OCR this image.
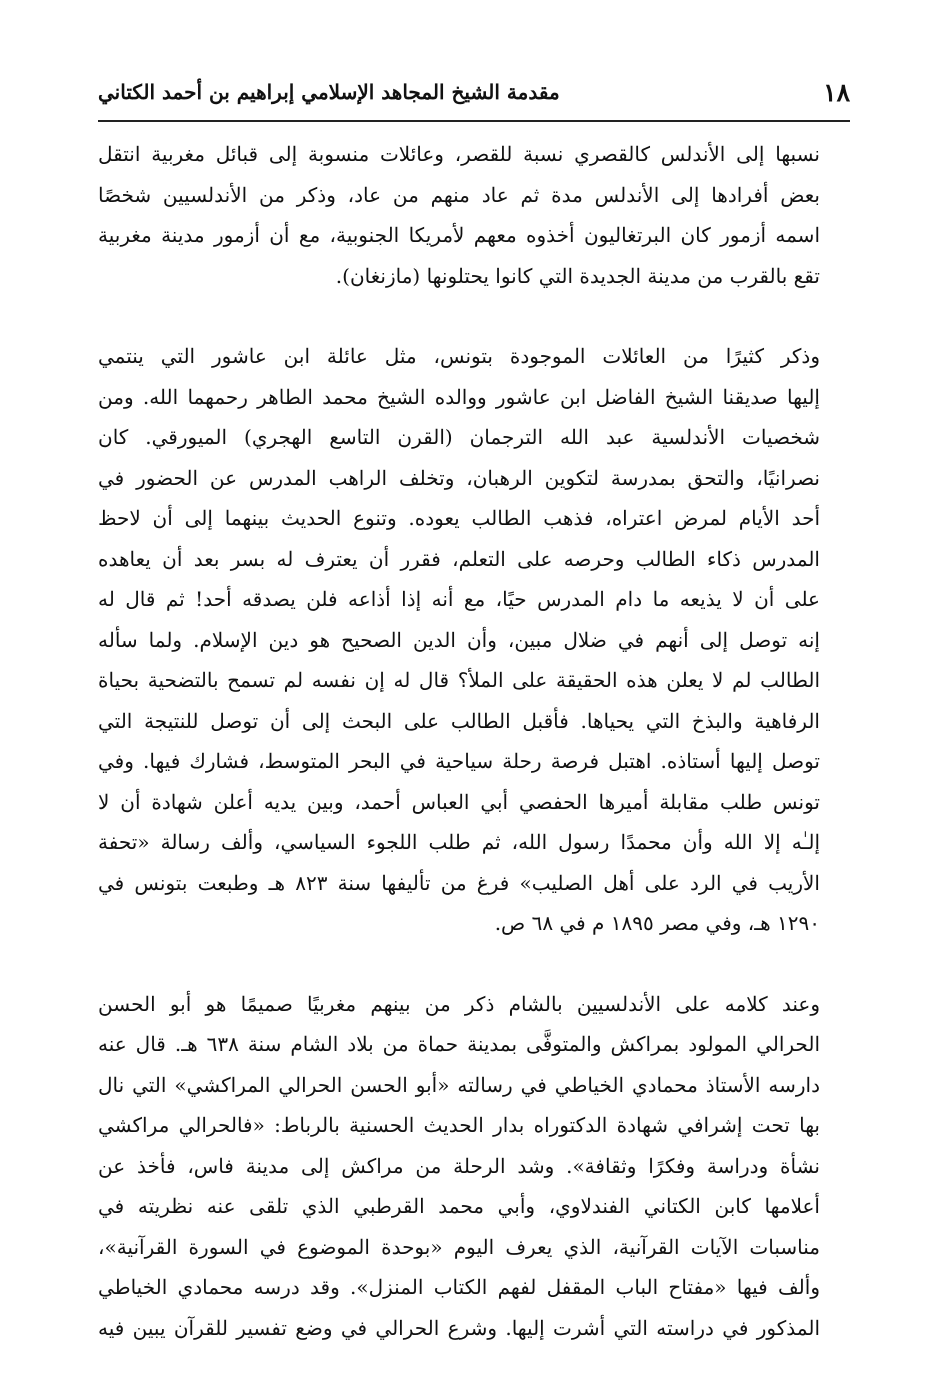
١٨
مقدمة الشيخ المجاهد الإسلامي إبراهيم بن أحمد الكتاني

نسبها إلى الأندلس كالقصري نسبة للقصر، وعائلات منسوبة إلى قبائل مغربية انتقل
بعض أفرادها إلى الأندلس مدة ثم عاد منهم من عاد، وذكر من الأندلسيين شخصًا
اسمه أزمور كان البرتغاليون أخذوه معهم لأمريكا الجنوبية، مع أن أزمور مدينة مغربية
تقع بالقرب من مدينة الجديدة التي كانوا يحتلونها (مازنغان).

وذكر كثيرًا من العائلات الموجودة بتونس، مثل عائلة ابن عاشور التي ينتمي
إليها صديقنا الشيخ الفاضل ابن عاشور ووالده الشيخ محمد الطاهر رحمهما الله. ومن
شخصيات الأندلسية عبد الله الترجمان (القرن التاسع الهجري) الميورقي. كان
نصرانيًا، والتحق بمدرسة لتكوين الرهبان، وتخلف الراهب المدرس عن الحضور في
أحد الأيام لمرض اعتراه، فذهب الطالب يعوده. وتنوع الحديث بينهما إلى أن لاحظ
المدرس ذكاء الطالب وحرصه على التعلم، فقرر أن يعترف له بسر بعد أن يعاهده
على أن لا يذيعه ما دام المدرس حيًا، مع أنه إذا أذاعه فلن يصدقه أحد! ثم قال له
إنه توصل إلى أنهم في ضلال مبين، وأن الدين الصحيح هو دين الإسلام. ولما سأله
الطالب لم لا يعلن هذه الحقيقة على الملأ؟ قال له إن نفسه لم تسمح بالتضحية بحياة
الرفاهية والبذخ التي يحياها. فأقبل الطالب على البحث إلى أن توصل للنتيجة التي
توصل إليها أستاذه. اهتبل فرصة رحلة سياحية في البحر المتوسط، فشارك فيها. وفي
تونس طلب مقابلة أميرها الحفصي أبي العباس أحمد، وبين يديه أعلن شهادة أن لا
إلـٰه إلا الله وأن محمدًا رسول الله، ثم طلب اللجوء السياسي، وألف رسالة «تحفة
الأريب في الرد على أهل الصليب» فرغ من تأليفها سنة ٨٢٣ هـ وطبعت بتونس في
١٢٩٠ هـ، وفي مصر ١٨٩٥ م في ٦٨ ص.

وعند كلامه على الأندلسيين بالشام ذكر من بينهم مغربيًا صميمًا هو أبو الحسن
الحرالي المولود بمراكش والمتوفَّى بمدينة حماة من بلاد الشام سنة ٦٣٨ هـ. قال عنه
دارسه الأستاذ محمادي الخياطي في رسالته «أبو الحسن الحرالي المراكشي» التي نال
بها تحت إشرافي شهادة الدكتوراه بدار الحديث الحسنية بالرباط: «فالحرالي مراكشي
نشأة ودراسة وفكرًا وثقافة». وشد الرحلة من مراكش إلى مدينة فاس، فأخذ عن
أعلامها كابن الكتاني الفندلاوي، وأبي محمد القرطبي الذي تلقى عنه نظريته في
مناسبات الآيات القرآنية، الذي يعرف اليوم «بوحدة الموضوع في السورة القرآنية»،
وألف فيها «مفتاح الباب المقفل لفهم الكتاب المنزل». وقد درسه محمادي الخياطي
المذكور في دراسته التي أشرت إليها. وشرع الحرالي في وضع تفسير للقرآن يبين فيه
